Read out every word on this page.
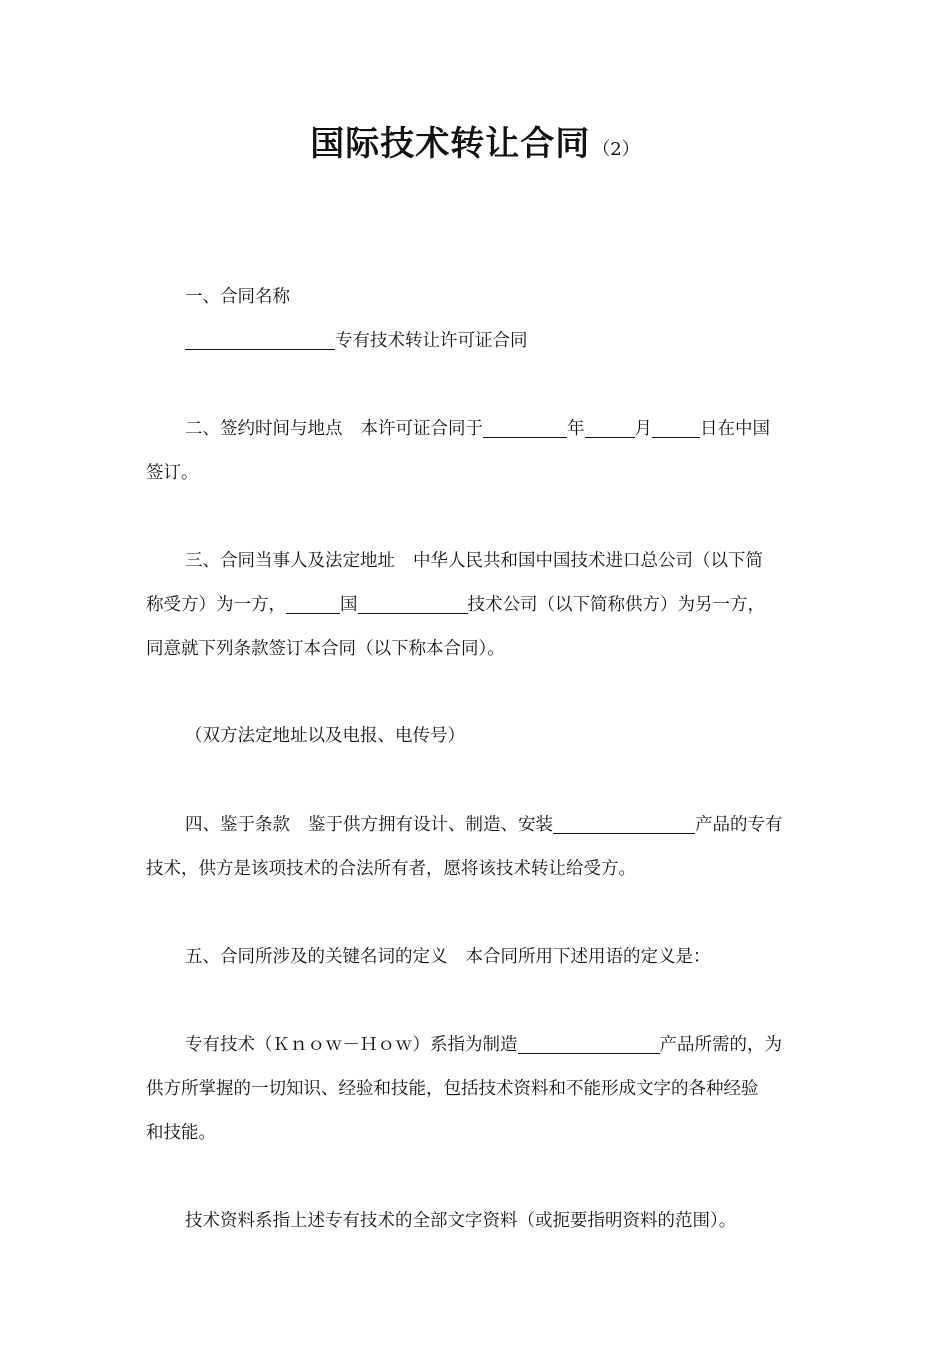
国际技术转让合同 （2）
一、合同名称
专有技术转让许可证合同
二、签约时间与地点 本许可证合同于	年	月	日在中国
签订。
三、合同当事人及法定地址 中华人民共和国中国技术进口总公司（以下简
称受方）为一方，	国	技术公司（以下简称供方）为另一方，
同意就下列条款签订本合同（以下称本合同）。
（双方法定地址以及电报、电传号）
四、鉴于条款 鉴于供方拥有设计、制造、安装	产品的专有
技术，供方是该项技术的合法所有者，愿将该技术转让给受方。
五、合同所涉及的关键名词的定义 本合同所用下述用语的定义是：
专有技术（Ｋｎｏｗ－Ｈｏｗ）系指为制造	产品所需的，为
供方所掌握的一切知识、经验和技能，包括技术资料和不能形成文字的各种经验
和技能。
技术资料系指上述专有技术的全部文字资料（或扼要指明资料的范围）。
